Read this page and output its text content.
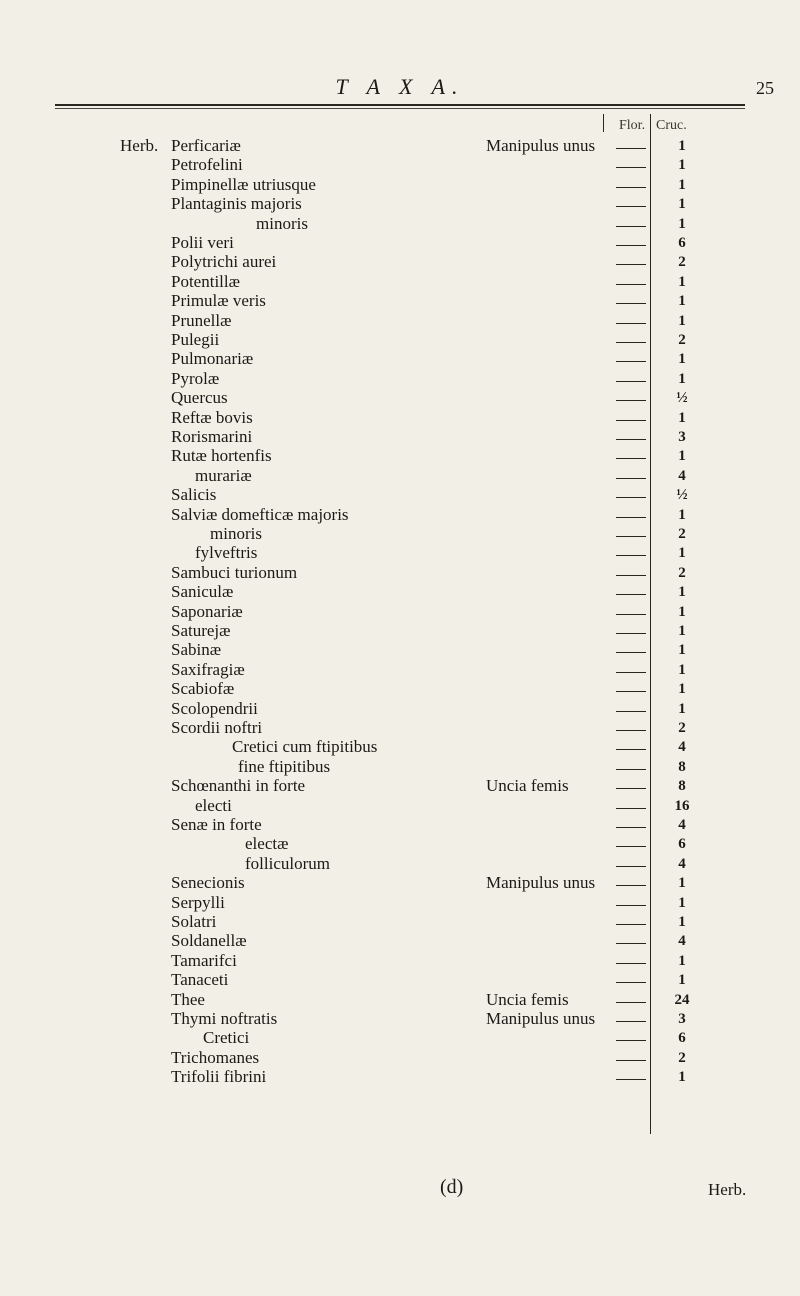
T A X A.	25
Flor. Cruc.
Herb. Perficariæ	Manipulus unus	1
Petrofelini	1
Pimpinellæ utriusque	1
Plantaginis majoris	1
minoris	1
Polii veri	6
Polytrichi aurei	2
Potentillæ	1
Primulæ veris	1
Prunellæ	1
Pulegii	2
Pulmonariæ	1
Pyrolæ	1
Quercus	½
Reftæ bovis	1
Rorismarini	3
Rutæ hortenfis	1
murariæ	4
Salicis	½
Salviæ domefticæ majoris	1
minoris	2
fylveftris	1
Sambuci turionum	2
Saniculæ	1
Saponariæ	1
Saturejæ	1
Sabinæ	1
Saxifragiæ	1
Scabiofæ	1
Scolopendrii	1
Scordii noftri	2
Cretici cum ftipitibus	4
fine ftipitibus	8
Schœnanthi in forte	Uncia femis	8
electi	16
Senæ in forte	4
electæ	6
folliculorum	4
Senecionis	Manipulus unus	1
Serpylli	1
Solatri	1
Soldanellæ	4
Tamarifci	1
Tanaceti	1
Thee	Uncia femis	24
Thymi noftratis	Manipulus unus	3
Cretici	6
Trichomanes	2
Trifolii fibrini	1
(d)	Herb.
